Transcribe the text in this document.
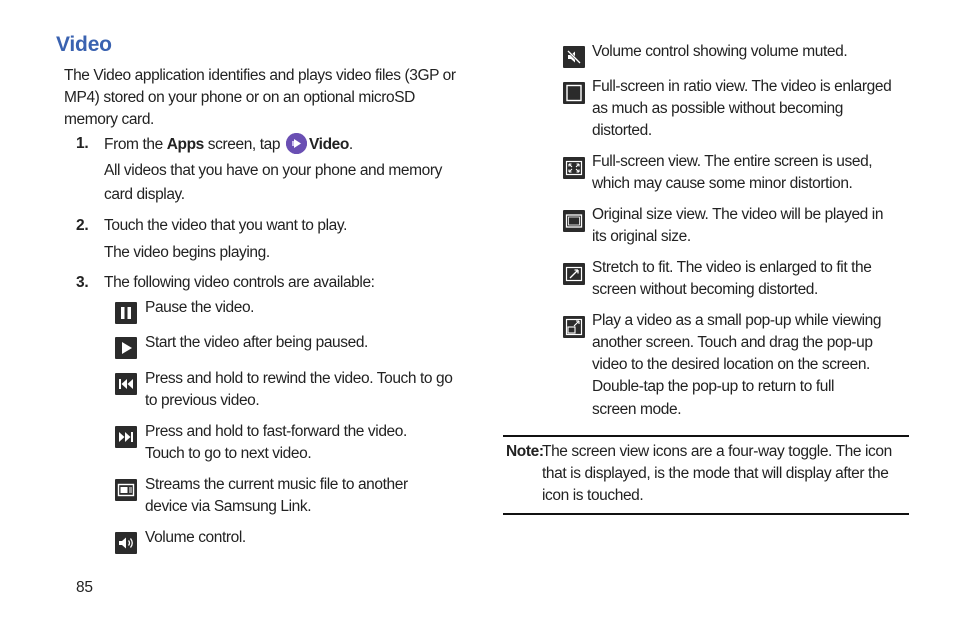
Video
The Video application identifies and plays video files (3GP or
MP4) stored on your phone or on an optional microSD
memory card.
1. From the Apps screen, tap
Video.
All videos that you have on your phone and memory
card display.
2. Touch the video that you want to play.
The video begins playing.
3. The following video controls are available:
Pause the video.
Start the video after being paused.
Press and hold to rewind the video. Touch to go
to previous video.
Press and hold to fast-forward the video.
Touch to go to next video.
Streams the current music file to another
device via Samsung Link.
Volume control.
Volume control showing volume muted.
Full-screen in ratio view. The video is enlarged
as much as possible without becoming
distorted.
Full-screen view. The entire screen is used,
which may cause some minor distortion.
Original size view. The video will be played in
its original size.
Stretch to fit. The video is enlarged to fit the
screen without becoming distorted.
Play a video as a small pop-up while viewing
another screen. Touch and drag the pop-up
video to the desired location on the screen.
Double-tap the pop-up to return to full
screen mode.
Note:
The screen view icons are a four-way toggle. The icon
that is displayed, is the mode that will display after the
icon is touched.
85
